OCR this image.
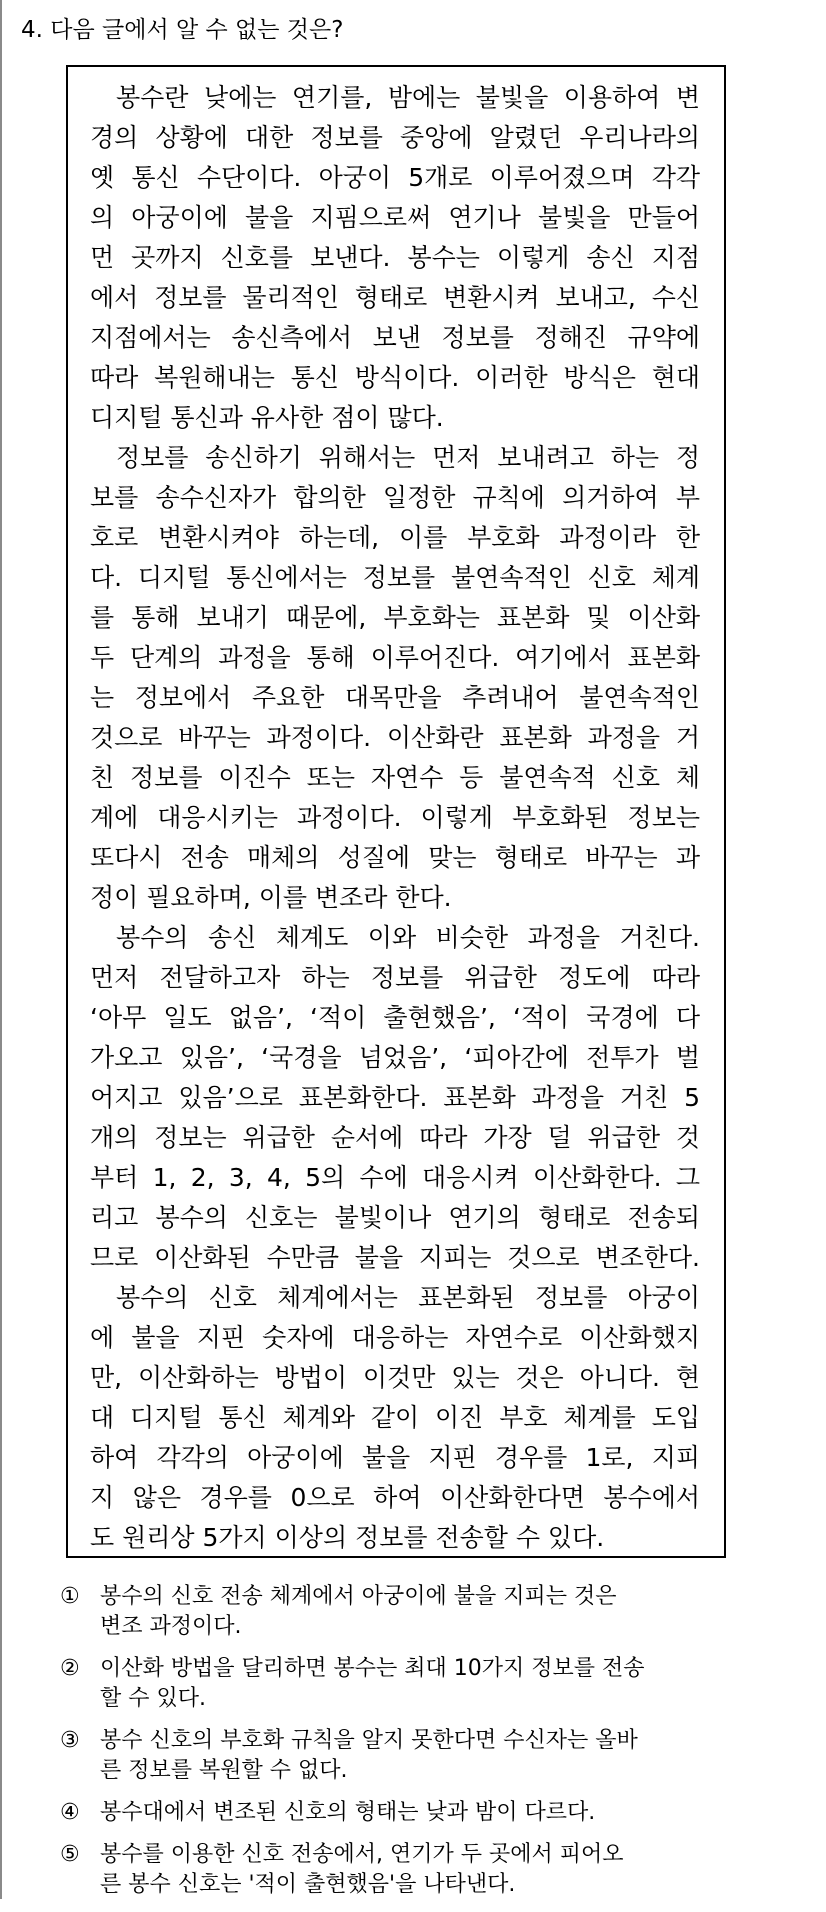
4. 다음 글에서 알 수 없는 것은?
봉수란 낮에는 연기를, 밤에는 불빛을 이용하여 변
경의 상황에 대한 정보를 중앙에 알렸던 우리나라의
옛 통신 수단이다. 아궁이 5개로 이루어졌으며 각각
의 아궁이에 불을 지핌으로써 연기나 불빛을 만들어
먼 곳까지 신호를 보낸다. 봉수는 이렇게 송신 지점
에서 정보를 물리적인 형태로 변환시켜 보내고, 수신
지점에서는 송신측에서 보낸 정보를 정해진 규약에
따라 복원해내는 통신 방식이다. 이러한 방식은 현대
디지털 통신과 유사한 점이 많다.
정보를 송신하기 위해서는 먼저 보내려고 하는 정
보를 송수신자가 합의한 일정한 규칙에 의거하여 부
호로 변환시켜야 하는데, 이를 부호화 과정이라 한
다. 디지털 통신에서는 정보를 불연속적인 신호 체계
를 통해 보내기 때문에, 부호화는 표본화 및 이산화
두 단계의 과정을 통해 이루어진다. 여기에서 표본화
는 정보에서 주요한 대목만을 추려내어 불연속적인
것으로 바꾸는 과정이다. 이산화란 표본화 과정을 거
친 정보를 이진수 또는 자연수 등 불연속적 신호 체
계에 대응시키는 과정이다. 이렇게 부호화된 정보는
또다시 전송 매체의 성질에 맞는 형태로 바꾸는 과
정이 필요하며, 이를 변조라 한다.
봉수의 송신 체계도 이와 비슷한 과정을 거친다.
먼저 전달하고자 하는 정보를 위급한 정도에 따라
‘아무 일도 없음’, ‘적이 출현했음’, ‘적이 국경에 다
가오고 있음’, ‘국경을 넘었음’, ‘피아간에 전투가 벌
어지고 있음’으로 표본화한다. 표본화 과정을 거친 5
개의 정보는 위급한 순서에 따라 가장 덜 위급한 것
부터 1, 2, 3, 4, 5의 수에 대응시켜 이산화한다. 그
리고 봉수의 신호는 불빛이나 연기의 형태로 전송되
므로 이산화된 수만큼 불을 지피는 것으로 변조한다.
봉수의 신호 체계에서는 표본화된 정보를 아궁이
에 불을 지핀 숫자에 대응하는 자연수로 이산화했지
만, 이산화하는 방법이 이것만 있는 것은 아니다. 현
대 디지털 통신 체계와 같이 이진 부호 체계를 도입
하여 각각의 아궁이에 불을 지핀 경우를 1로, 지피
지 않은 경우를 0으로 하여 이산화한다면 봉수에서
도 원리상 5가지 이상의 정보를 전송할 수 있다.
① 봉수의 신호 전송 체계에서 아궁이에 불을 지피는 것은
변조 과정이다.
② 이산화 방법을 달리하면 봉수는 최대 10가지 정보를 전송
할 수 있다.
③ 봉수 신호의 부호화 규칙을 알지 못한다면 수신자는 올바
른 정보를 복원할 수 없다.
④ 봉수대에서 변조된 신호의 형태는 낮과 밤이 다르다.
⑤ 봉수를 이용한 신호 전송에서, 연기가 두 곳에서 피어오
른 봉수 신호는 '적이 출현했음'을 나타낸다.
